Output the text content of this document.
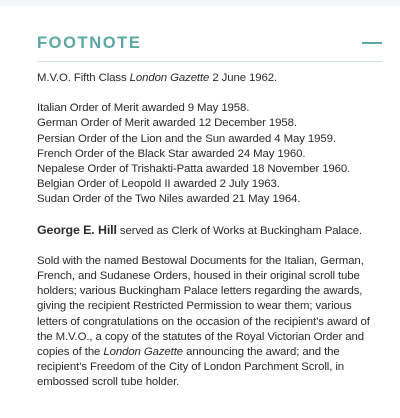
FOOTNOTE

M.V.O. Fifth Class London Gazette 2 June 1962.

Italian Order of Merit awarded 9 May 1958.
German Order of Merit awarded 12 December 1958.
Persian Order of the Lion and the Sun awarded 4 May 1959.
French Order of the Black Star awarded 24 May 1960.
Nepalese Order of Trishakti-Patta awarded 18 November 1960.
Belgian Order of Leopold II awarded 2 July 1963.
Sudan Order of the Two Niles awarded 21 May 1964.

George E. Hill served as Clerk of Works at Buckingham Palace.

Sold with the named Bestowal Documents for the Italian, German, French, and Sudanese Orders, housed in their original scroll tube holders; various Buckingham Palace letters regarding the awards, giving the recipient Restricted Permission to wear them; various letters of congratulations on the occasion of the recipient’s award of the M.V.O., a copy of the statutes of the Royal Victorian Order and copies of the London Gazette announcing the award; and the recipient’s Freedom of the City of London Parchment Scroll, in embossed scroll tube holder.
